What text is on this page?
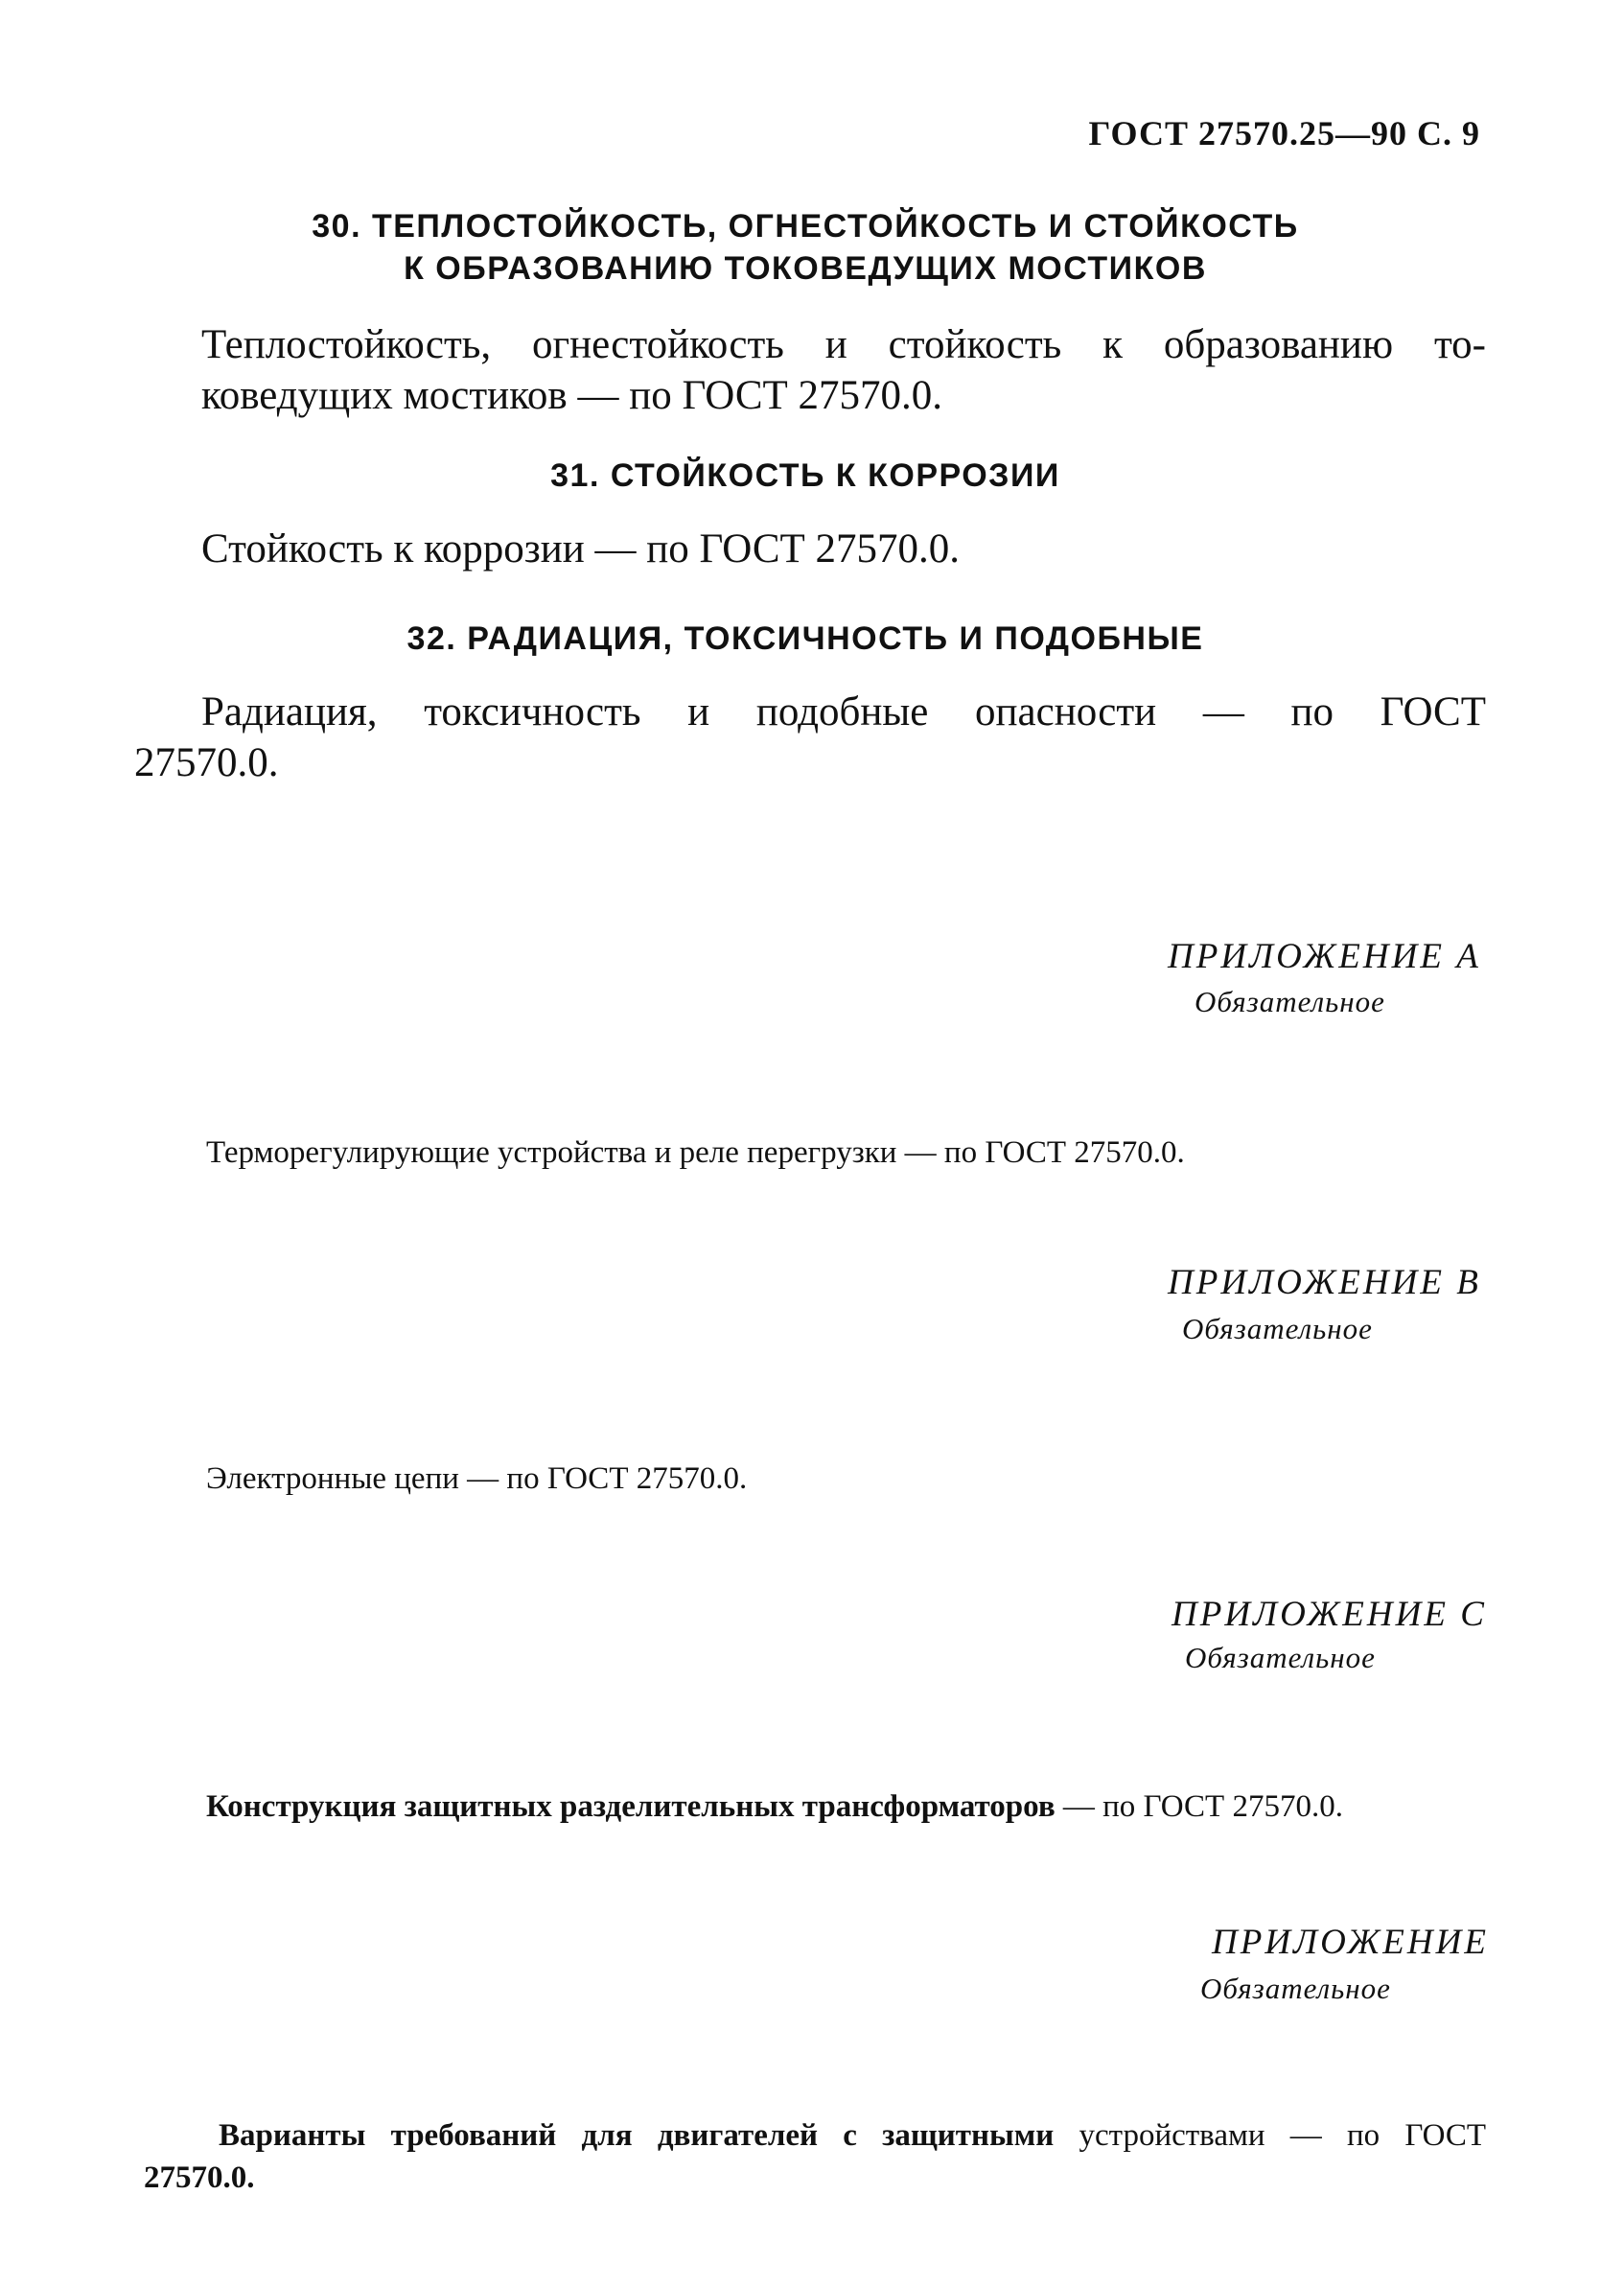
ГОСТ 27570.25—90 С. 9
30. ТЕПЛОСТОЙКОСТЬ, ОГНЕСТОЙКОСТЬ И СТОЙКОСТЬ
К ОБРАЗОВАНИЮ ТОКОВЕДУЩИХ МОСТИКОВ
Теплостойкость, огнестойкость и стойкость к образованию то-
коведущих мостиков — по ГОСТ 27570.0.
31. СТОЙКОСТЬ К КОРРОЗИИ
Стойкость к коррозии — по ГОСТ 27570.0.
32. РАДИАЦИЯ, ТОКСИЧНОСТЬ И ПОДОБНЫЕ
Радиация, токсичность и подобные опасности — по ГОСТ
27570.0.
ПРИЛОЖЕНИЕ А
Обязательное
Терморегулирующие устройства и реле перегрузки — по ГОСТ 27570.0.
ПРИЛОЖЕНИЕ В
Обязательное
Электронные цепи — по ГОСТ 27570.0.
ПРИЛОЖЕНИЕ С
Обязательное
Конструкция защитных разделительных трансформаторов — по ГОСТ 27570.0.
ПРИЛОЖЕНИЕ
Обязательное
Варианты требований для двигателей с защитными устройствами — по ГОСТ
27570.0.
